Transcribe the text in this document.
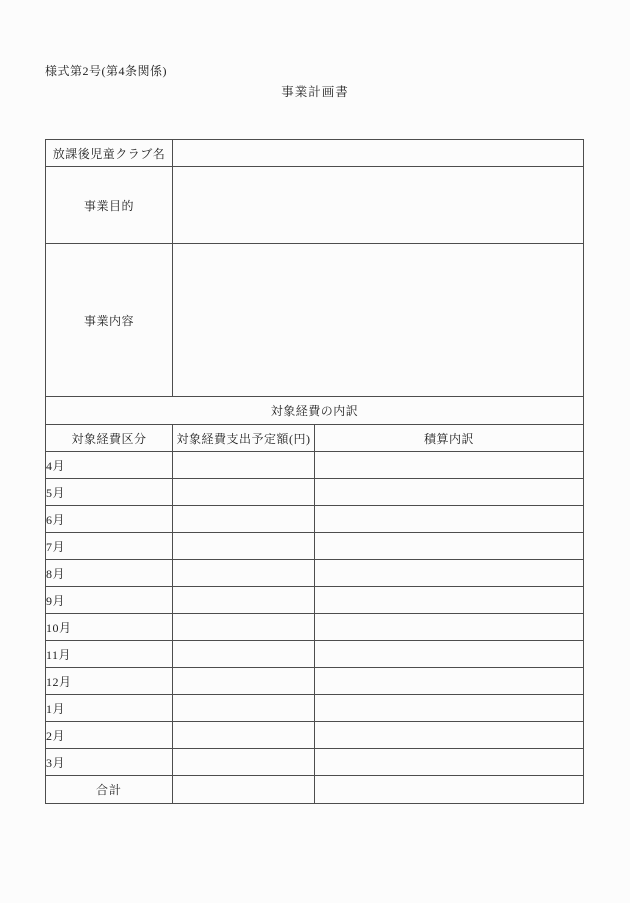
様式第2号(第4条関係)
事業計画書
放課後児童クラブ名		
事業目的		
事業内容		
対象経費の内訳		
対象経費区分	対象経費支出予定額(円)	積算内訳
4月		
5月		
6月		
7月		
8月		
9月		
10月		
11月		
12月		
1月		
2月		
3月		
合計		
